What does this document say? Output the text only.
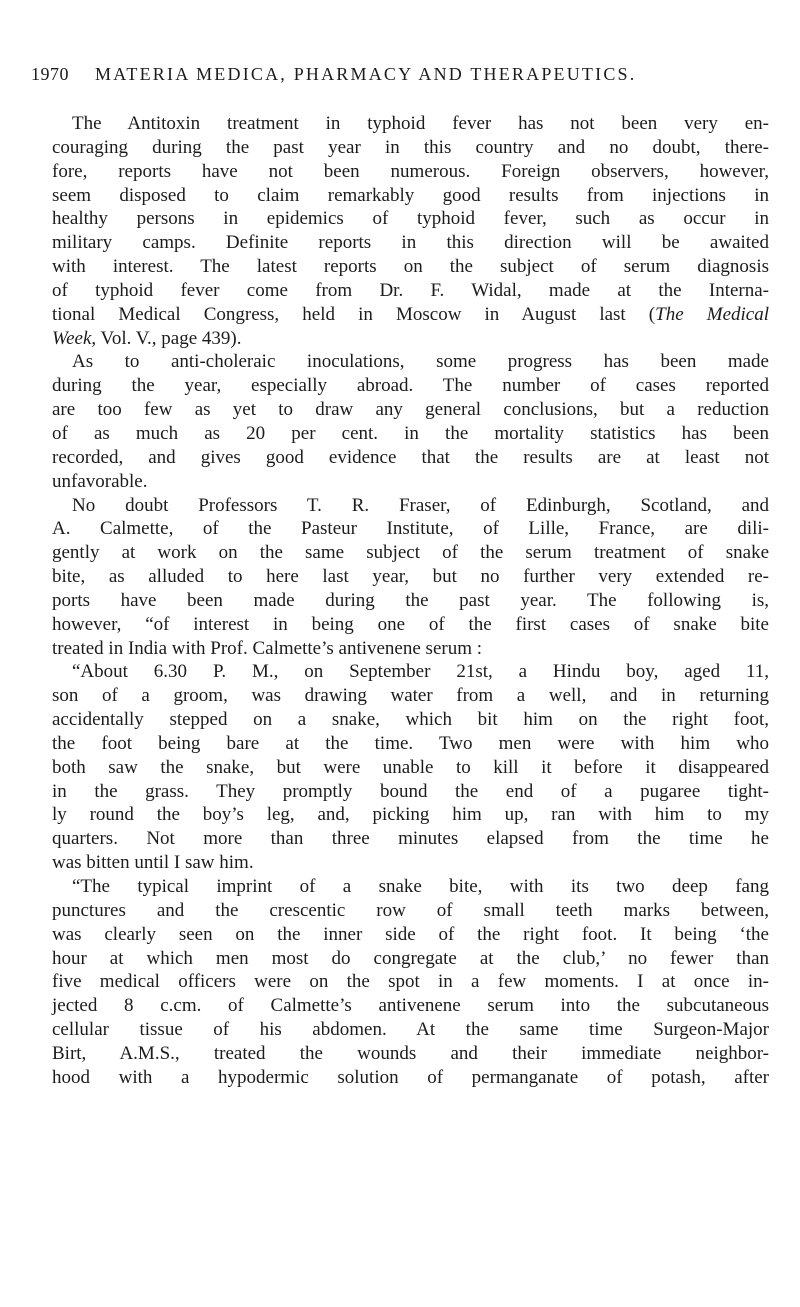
1970 MATERIA MEDICA, PHARMACY AND THERAPEUTICS.
The Antitoxin treatment in typhoid fever has not been very en-
couraging during the past year in this country and no doubt, there-
fore, reports have not been numerous. Foreign observers, however,
seem disposed to claim remarkably good results from injections in
healthy persons in epidemics of typhoid fever, such as occur in
military camps. Definite reports in this direction will be awaited
with interest. The latest reports on the subject of serum diagnosis
of typhoid fever come from Dr. F. Widal, made at the Interna-
tional Medical Congress, held in Moscow in August last (The Medical
Week, Vol. V., page 439).
As to anti-choleraic inoculations, some progress has been made
during the year, especially abroad. The number of cases reported
are too few as yet to draw any general conclusions, but a reduction
of as much as 20 per cent. in the mortality statistics has been
recorded, and gives good evidence that the results are at least not
unfavorable.
No doubt Professors T. R. Fraser, of Edinburgh, Scotland, and
A. Calmette, of the Pasteur Institute, of Lille, France, are dili-
gently at work on the same subject of the serum treatment of snake
bite, as alluded to here last year, but no further very extended re-
ports have been made during the past year. The following is,
however, “of interest in being one of the first cases of snake bite
treated in India with Prof. Calmette’s antivenene serum :
“About 6.30 P. M., on September 21st, a Hindu boy, aged 11,
son of a groom, was drawing water from a well, and in returning
accidentally stepped on a snake, which bit him on the right foot,
the foot being bare at the time. Two men were with him who
both saw the snake, but were unable to kill it before it disappeared
in the grass. They promptly bound the end of a pugaree tight-
ly round the boy’s leg, and, picking him up, ran with him to my
quarters. Not more than three minutes elapsed from the time he
was bitten until I saw him.
“The typical imprint of a snake bite, with its two deep fang
punctures and the crescentic row of small teeth marks between,
was clearly seen on the inner side of the right foot. It being ‘the
hour at which men most do congregate at the club,’ no fewer than
five medical officers were on the spot in a few moments. I at once in-
jected 8 c.cm. of Calmette’s antivenene serum into the subcutaneous
cellular tissue of his abdomen. At the same time Surgeon-Major
Birt, A.M.S., treated the wounds and their immediate neighbor-
hood with a hypodermic solution of permanganate of potash, after
